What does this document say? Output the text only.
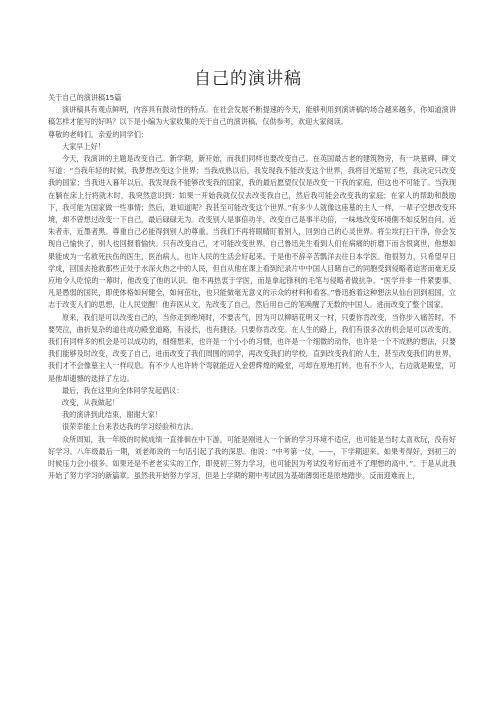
自己的演讲稿

关于自己的演讲稿15篇

演讲稿具有观点鲜明，内容具有鼓动性的特点。在社会发展不断提速的今天，能够利用到演讲稿的场合越来越多，你知道演讲稿怎样才能写的好吗？以下是小编为大家收集的关于自己的演讲稿，仅供参考，欢迎大家阅读。

尊敬的老师们，亲爱的同学们：

大家早上好！

今天，我演讲的主题是改变自己。新学期，新开始，而我们同样也要改变自己。在英国最古老的建筑物旁，有一块墓碑，碑文写道：“当我年轻的时候，我梦想改变这个世界；当我成熟以后，我发现我不能改变这个世界，我将目光缩短了些，我决定只改变我的国家；当我进入暮年以后，我发现我不能够改变我的国家，我的最后愿望仅仅是改变一下我的家庭，但这也不可能了。当我现在躺在床上行将就木时，我突然意识到：如果一开始我就仅仅去改变我自己，然后我可能会改变我的家庭；在家人的帮助和鼓励下，我可能为国家做一些事情；然后，谁知道呢？我甚至可能改变这个世界。”有多少人就像这座墓的主人一样，一辈子空想改变环境，却不曾想过改变一下自己，最后碌碌无为。改变别人是事倍功半，改变自己是事半功倍，一味地改变环境側不如反躬自问。近朱者赤，近墨者黑。尊重自己必能得到别人的尊重。当我们不再将眼睛盯着别人，回到自己的心灵世界。将尘埃打扫干净，你会发现自己愉快了，别人也回报着愉快。只有改变自己，才可能改变世界。自己鲁迅先生看到人们在病痛的折磨下而含恨离世，他想如果能成为一名救死扶伤的医生，医治病人，也许人民的生活会好起来。于是他不辞辛苦瓢洋去往日本学医。他很努力，只希望早日学成，回国去抢救那些正处于水深火热之中的人民，但自从他在课上看到纪录片中中国人目睹自己的同胞受到侵略者迫害而毫无反应地令人吃惊的一幕时，他改变了他的认识。他不再热衷于学医，而是拿起锋利的毛笔与侵略者做抗争。“医学并非一件紧要事，凡是愚弱的国民，即使体格如何健全，如何茁壮，也只能做毫无意义的示众的材料和看客。”鲁迅抱着这种想法从仙台回到祖国，立志于改变人们的思想，让人民觉醒！他弃医从文，先改变了自己，然后用自己的笔唤醒了无数的中国人。进而改变了整个国家。

原来，我们是可以改变自己的，当你走到绝境时，不要丧气，因为可以柳暗花明又一村，只要你肯改变，当你步入痛苦时，不要哭泣，曲折复杂的道往成功殿堂道路，有浸长，也有捷径。只要你肯改变。在人生的路上，我们有很多次的机会是可以改变的，我们有同样多的机会是可以成功的，细细想来，也许是一个小小的习惯，也许是一个细微的动作，也许是一个不成熟的想法，只要我们能够及时改变，改变了自己，进而改变了我们周围的同学，再改变我们的学校，直到改变我们的人生，甚至改变我们的世界，我们才不会像墓主人一样叹息。有不少人也许转个弯就能迈入金碧辉煌的殿堂，可却在原地打转。也有不少人，右边就是殿堂，可是他却遗憾的选择了左边。

最后，我在这里向全体同学发起倡议：

改变，从我做起！

我的演讲到此结束，谢谢大家！

很荣幸能上台来表达我的学习经验和方法。

众所周知，我一年级的时候成绩一直徘徊在中下游。可能是刚进入一个新的学习环境不适应，也可能是当时太喜欢玩，没有好好学习。八年级最后一期，刘老师说的一句话引起了我的深思。他说：“中考第一仗，——，下学期迎来。如果考得好，到初三的时候压力会小很多。如果还是不老老实实的工作，即使初三努力学习，也可能因为考试没考好而进不了理想的高中。”。于是从此我开始了努力学习的新篇章。虽然我开始努力学习，但是上学期的期中考试因为基础薄弱还是原地踏步。反而迎难而上，
